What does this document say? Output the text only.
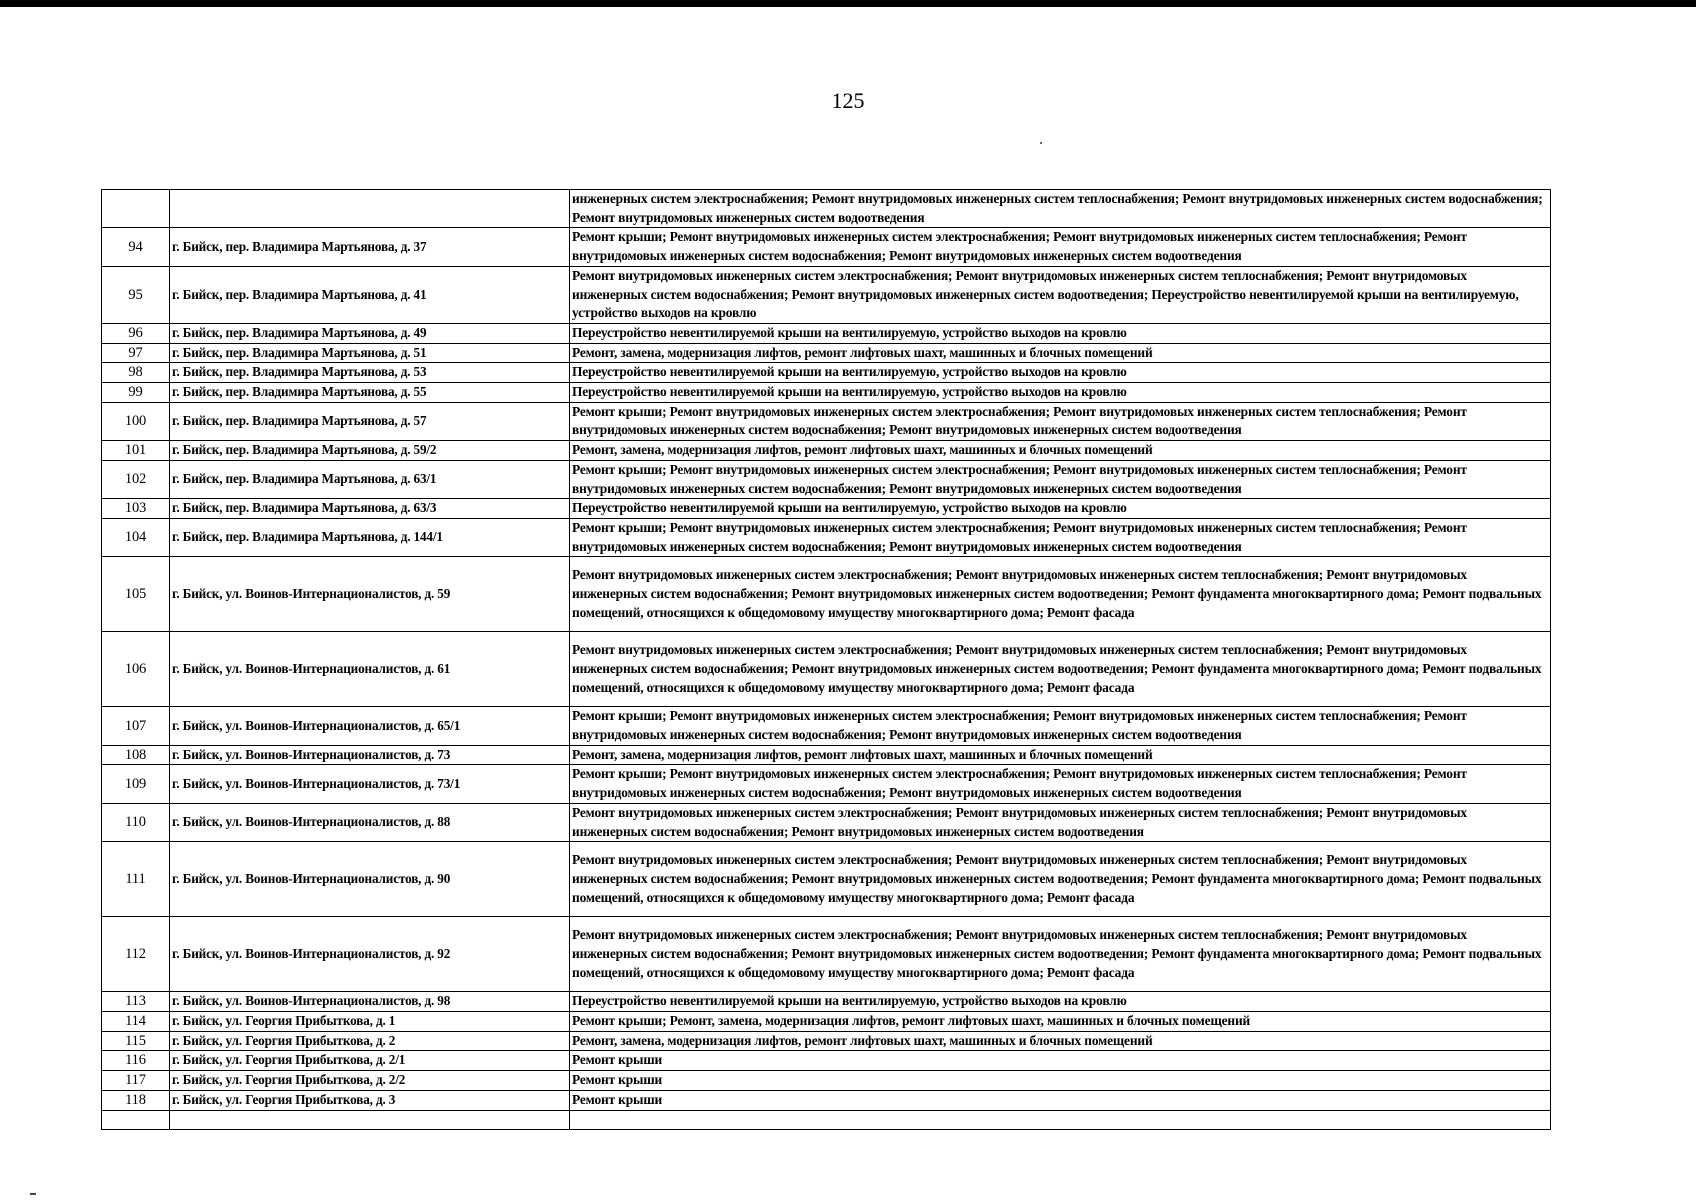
125
		инженерных систем электроснабжения; Ремонт внутридомовых инженерных систем теплоснабжения; Ремонт внутридомовых инженерных систем водоснабжения; Ремонт внутридомовых инженерных систем водоотведения
94	г. Бийск, пер. Владимира Мартьянова, д. 37	Ремонт крыши; Ремонт внутридомовых инженерных систем электроснабжения; Ремонт внутридомовых инженерных систем теплоснабжения; Ремонт внутридомовых инженерных систем водоснабжения; Ремонт внутридомовых инженерных систем водоотведения
95	г. Бийск, пер. Владимира Мартьянова, д. 41	Ремонт внутридомовых инженерных систем электроснабжения; Ремонт внутридомовых инженерных систем теплоснабжения; Ремонт внутридомовых инженерных систем водоснабжения; Ремонт внутридомовых инженерных систем водоотведения; Переустройство невентилируемой крыши на вентилируемую, устройство выходов на кровлю
96	г. Бийск, пер. Владимира Мартьянова, д. 49	Переустройство невентилируемой крыши на вентилируемую, устройство выходов на кровлю
97	г. Бийск, пер. Владимира Мартьянова, д. 51	Ремонт, замена, модернизация лифтов, ремонт лифтовых шахт, машинных и блочных помещений
98	г. Бийск, пер. Владимира Мартьянова, д. 53	Переустройство невентилируемой крыши на вентилируемую, устройство выходов на кровлю
99	г. Бийск, пер. Владимира Мартьянова, д. 55	Переустройство невентилируемой крыши на вентилируемую, устройство выходов на кровлю
100	г. Бийск, пер. Владимира Мартьянова, д. 57	Ремонт крыши; Ремонт внутридомовых инженерных систем электроснабжения; Ремонт внутридомовых инженерных систем теплоснабжения; Ремонт внутридомовых инженерных систем водоснабжения; Ремонт внутридомовых инженерных систем водоотведения
101	г. Бийск, пер. Владимира Мартьянова, д. 59/2	Ремонт, замена, модернизация лифтов, ремонт лифтовых шахт, машинных и блочных помещений
102	г. Бийск, пер. Владимира Мартьянова, д. 63/1	Ремонт крыши; Ремонт внутридомовых инженерных систем электроснабжения; Ремонт внутридомовых инженерных систем теплоснабжения; Ремонт внутридомовых инженерных систем водоснабжения; Ремонт внутридомовых инженерных систем водоотведения
103	г. Бийск, пер. Владимира Мартьянова, д. 63/3	Переустройство невентилируемой крыши на вентилируемую, устройство выходов на кровлю
104	г. Бийск, пер. Владимира Мартьянова, д. 144/1	Ремонт крыши; Ремонт внутридомовых инженерных систем электроснабжения; Ремонт внутридомовых инженерных систем теплоснабжения; Ремонт внутридомовых инженерных систем водоснабжения; Ремонт внутридомовых инженерных систем водоотведения
105	г. Бийск, ул. Воинов-Интернационалистов, д. 59	Ремонт внутридомовых инженерных систем электроснабжения; Ремонт внутридомовых инженерных систем теплоснабжения; Ремонт внутридомовых инженерных систем водоснабжения; Ремонт внутридомовых инженерных систем водоотведения; Ремонт фундамента многоквартирного дома; Ремонт подвальных помещений, относящихся к общедомовому имуществу многоквартирного дома; Ремонт фасада
106	г. Бийск, ул. Воинов-Интернационалистов, д. 61	Ремонт внутридомовых инженерных систем электроснабжения; Ремонт внутридомовых инженерных систем теплоснабжения; Ремонт внутридомовых инженерных систем водоснабжения; Ремонт внутридомовых инженерных систем водоотведения; Ремонт фундамента многоквартирного дома; Ремонт подвальных помещений, относящихся к общедомовому имуществу многоквартирного дома; Ремонт фасада
107	г. Бийск, ул. Воинов-Интернационалистов, д. 65/1	Ремонт крыши; Ремонт внутридомовых инженерных систем электроснабжения; Ремонт внутридомовых инженерных систем теплоснабжения; Ремонт внутридомовых инженерных систем водоснабжения; Ремонт внутридомовых инженерных систем водоотведения
108	г. Бийск, ул. Воинов-Интернационалистов, д. 73	Ремонт, замена, модернизация лифтов, ремонт лифтовых шахт, машинных и блочных помещений
109	г. Бийск, ул. Воинов-Интернационалистов, д. 73/1	Ремонт крыши; Ремонт внутридомовых инженерных систем электроснабжения; Ремонт внутридомовых инженерных систем теплоснабжения; Ремонт внутридомовых инженерных систем водоснабжения; Ремонт внутридомовых инженерных систем водоотведения
110	г. Бийск, ул. Воинов-Интернационалистов, д. 88	Ремонт внутридомовых инженерных систем электроснабжения; Ремонт внутридомовых инженерных систем теплоснабжения; Ремонт внутридомовых инженерных систем водоснабжения; Ремонт внутридомовых инженерных систем водоотведения
111	г. Бийск, ул. Воинов-Интернационалистов, д. 90	Ремонт внутридомовых инженерных систем электроснабжения; Ремонт внутридомовых инженерных систем теплоснабжения; Ремонт внутридомовых инженерных систем водоснабжения; Ремонт внутридомовых инженерных систем водоотведения; Ремонт фундамента многоквартирного дома; Ремонт подвальных помещений, относящихся к общедомовому имуществу многоквартирного дома; Ремонт фасада
112	г. Бийск, ул. Воинов-Интернационалистов, д. 92	Ремонт внутридомовых инженерных систем электроснабжения; Ремонт внутридомовых инженерных систем теплоснабжения; Ремонт внутридомовых инженерных систем водоснабжения; Ремонт внутридомовых инженерных систем водоотведения; Ремонт фундамента многоквартирного дома; Ремонт подвальных помещений, относящихся к общедомовому имуществу многоквартирного дома; Ремонт фасада
113	г. Бийск, ул. Воинов-Интернационалистов, д. 98	Переустройство невентилируемой крыши на вентилируемую, устройство выходов на кровлю
114	г. Бийск, ул. Георгия Прибыткова, д. 1	Ремонт крыши; Ремонт, замена, модернизация лифтов, ремонт лифтовых шахт, машинных и блочных помещений
115	г. Бийск, ул. Георгия Прибыткова, д. 2	Ремонт, замена, модернизация лифтов, ремонт лифтовых шахт, машинных и блочных помещений
116	г. Бийск, ул. Георгия Прибыткова, д. 2/1	Ремонт крыши
117	г. Бийск, ул. Георгия Прибыткова, д. 2/2	Ремонт крыши
118	г. Бийск, ул. Георгия Прибыткова, д. 3	Ремонт крыши
